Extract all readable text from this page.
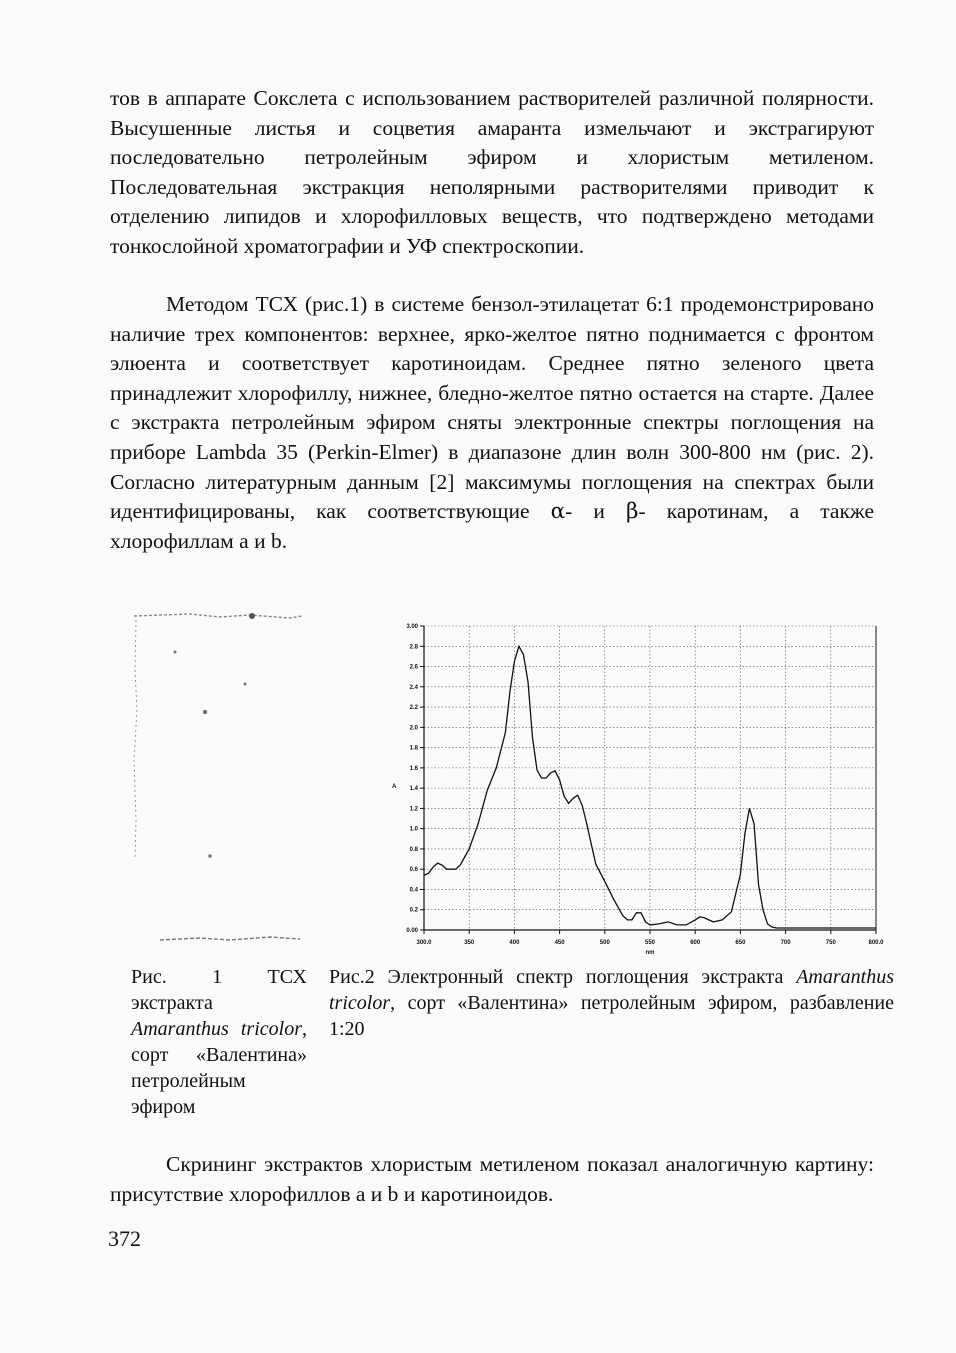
тов в аппарате Сокслета с использованием растворителей различной полярности. Высушенные листья и соцветия амаранта измельчают и экстрагируют последовательно петролейным эфиром и хлористым метиленом. Последовательная экстракция неполярными растворителями приводит к отделению липидов и хлорофилловых веществ, что подтверждено методами тонкослойной хроматографии и УФ спектроскопии.

Методом ТСХ (рис.1) в системе бензол-этилацетат 6:1 продемонстрировано наличие трех компонентов: верхнее, ярко-желтое пятно поднимается с фронтом элюента и соответствует каротиноидам. Среднее пятно зеленого цвета принадлежит хлорофиллу, нижнее, бледно-желтое пятно остается на старте. Далее с экстракта петролейным эфиром сняты электронные спектры поглощения на приборе Lambda 35 (Perkin-Elmer) в диапазоне длин волн 300-800 нм (рис. 2). Согласно литературным данным [2] максимумы поглощения на спектрах были идентифицированы, как соответствующие α- и β- каротинам, а также хлорофиллам а и b.

0.00
0.2
0.4
0.6
0.8
1.0
1.2
1.4
1.6
1.8
2.0
2.2
2.4
2.6
2.8
3.00
300.0	350	400	450	500	550	600	650	700	750	800.0
A
nm

Рис. 1 ТСХ экстракта Amaranthus tricolor, сорт «Валентина» петролейным эфиром

Рис.2 Электронный спектр поглощения экстракта Amaranthus tricolor, сорт «Валентина» петролейным эфиром, разбавление 1:20

Скрининг экстрактов хлористым метиленом показал аналогичную картину: присутствие хлорофиллов а и b и каротиноидов.

372
